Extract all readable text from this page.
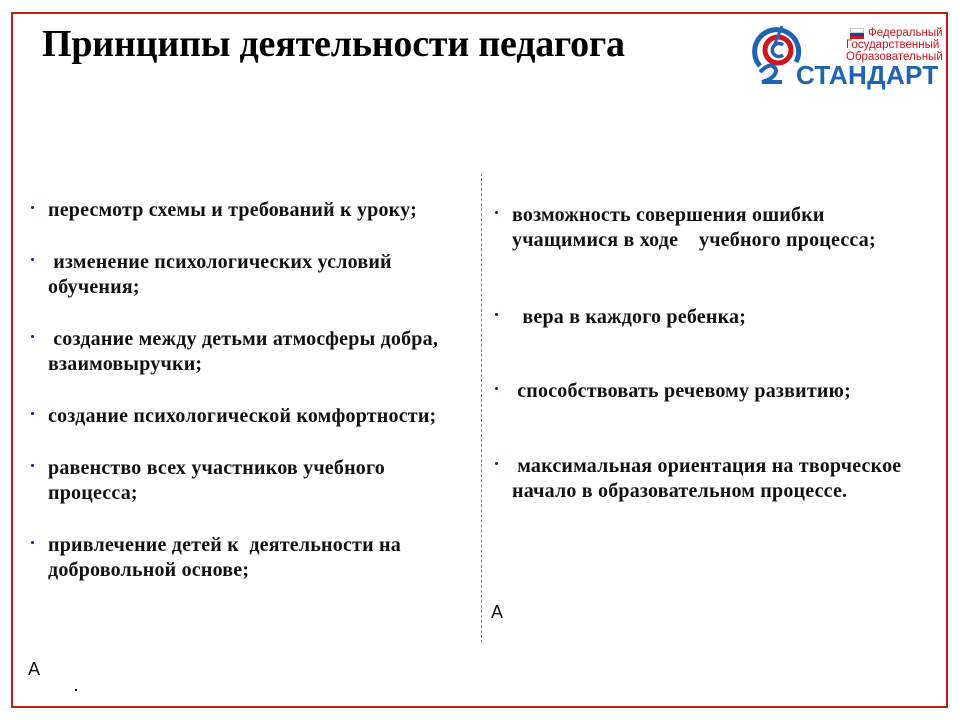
Принципы деятельности педагога	Федеральный
Государственный
Образовательный
СТАНДАРТ
пересмотр схемы и требований к уроку;
изменение психологических условий обучения;
создание между детьми атмосферы добра,     взаимовыручки;
создание психологической комфортности;
равенство всех участников учебного процесса;
привлечение детей к  деятельности на добровольной основе;
А
возможность совершения ошибки учащимися в ходе    учебного процесса;
вера в каждого ребенка;
способствовать речевому развитию;
максимальная ориентация на творческое начало в образовательном процессе.
А
